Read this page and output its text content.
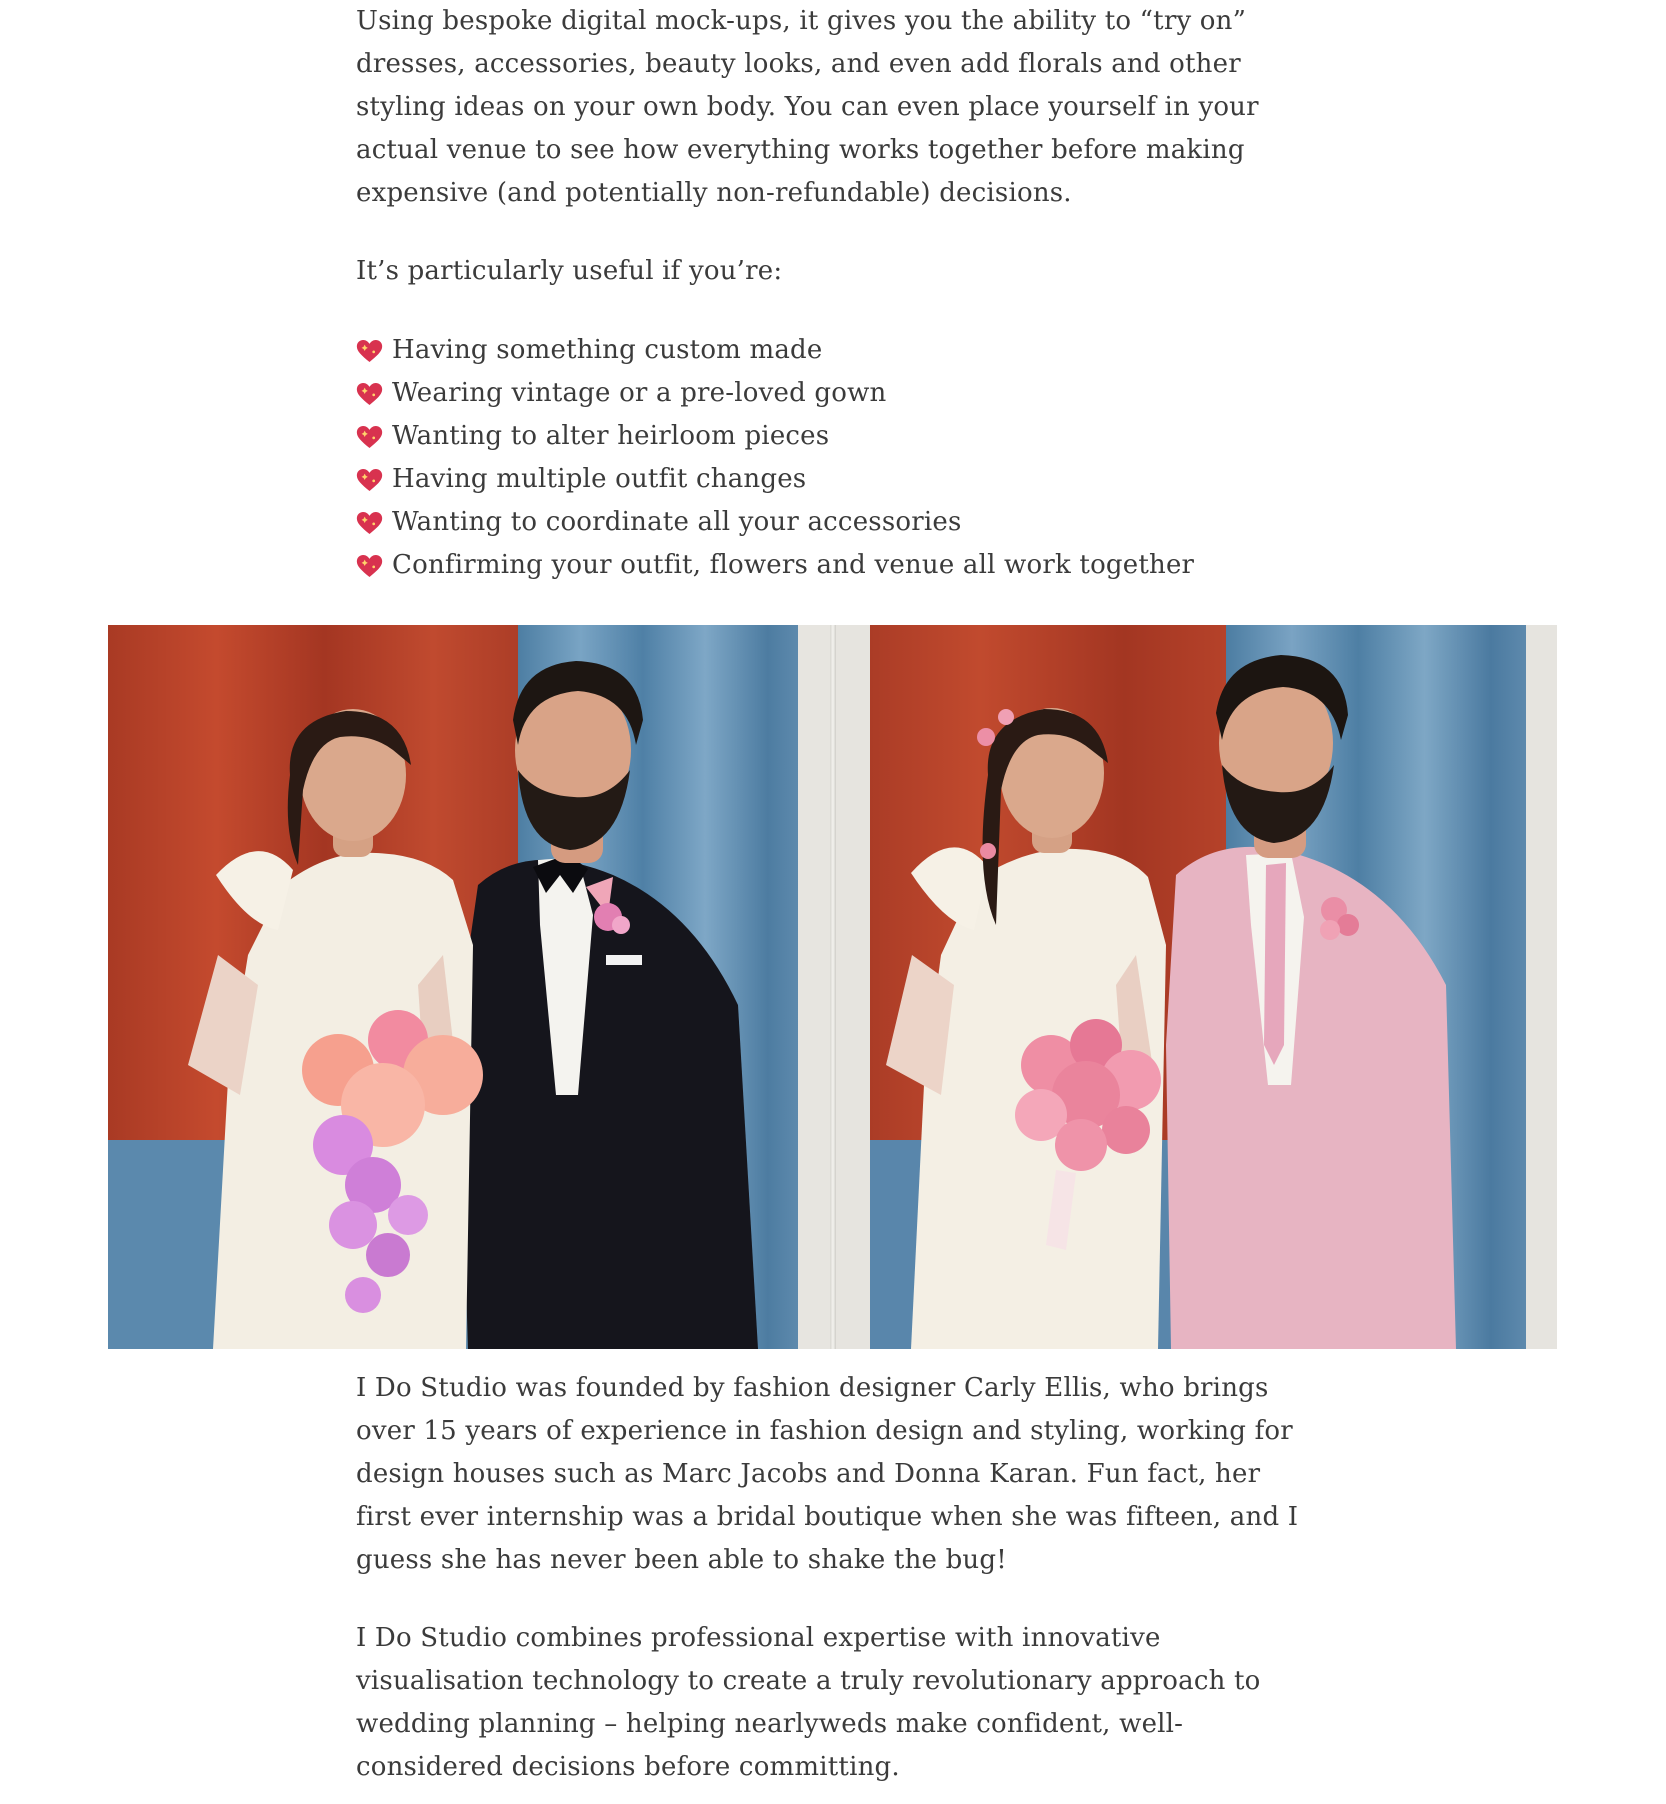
Using bespoke digital mock-ups, it gives you the ability to “try on” dresses, accessories, beauty looks, and even add florals and other styling ideas on your own body. You can even place yourself in your actual venue to see how everything works together before making expensive (and potentially non-refundable) decisions.

It’s particularly useful if you’re:

Having something custom made
Wearing vintage or a pre-loved gown
Wanting to alter heirloom pieces
Having multiple outfit changes
Wanting to coordinate all your accessories
Confirming your outfit, flowers and venue all work together

I Do Studio was founded by fashion designer Carly Ellis, who brings over 15 years of experience in fashion design and styling, working for design houses such as Marc Jacobs and Donna Karan. Fun fact, her first ever internship was a bridal boutique when she was fifteen, and I guess she has never been able to shake the bug!

I Do Studio combines professional expertise with innovative visualisation technology to create a truly revolutionary approach to wedding planning – helping nearlyweds make confident, well-considered decisions before committing.
